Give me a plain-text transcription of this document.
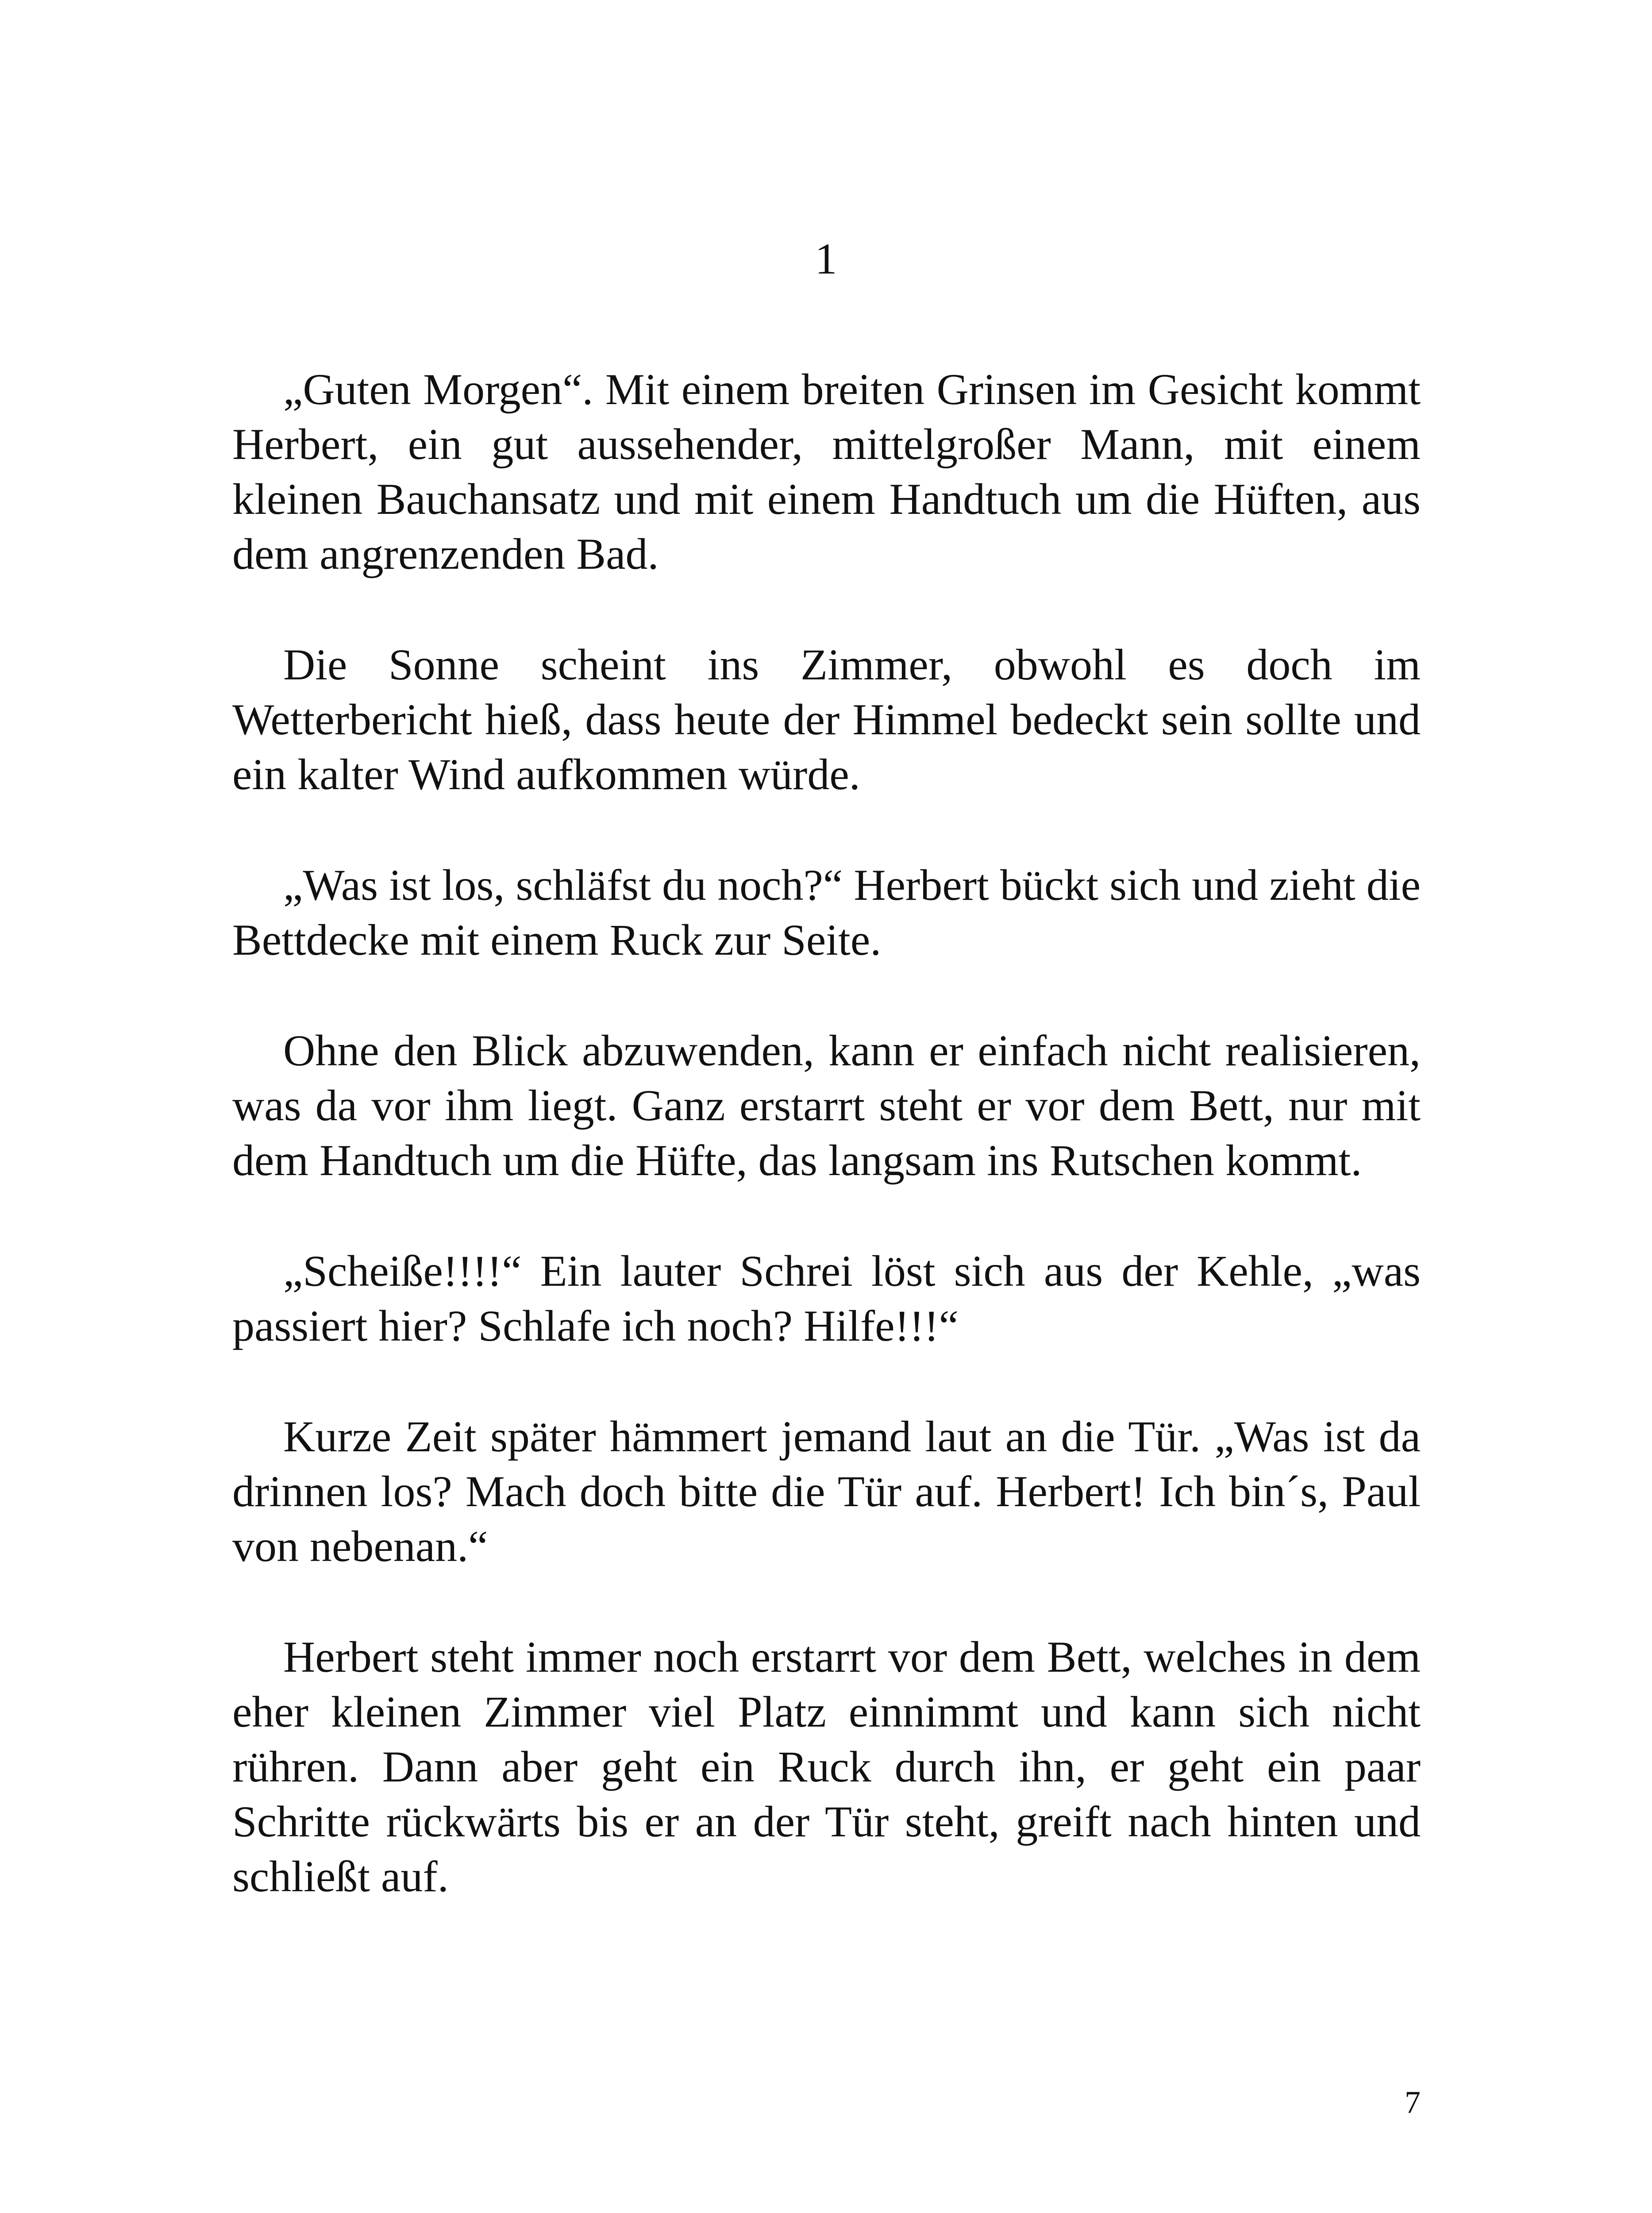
1

„Guten Morgen“. Mit einem breiten Grinsen im Gesicht kommt Herbert, ein gut aussehender, mittelgroßer Mann, mit einem kleinen Bauchansatz und mit einem Handtuch um die Hüften, aus dem angrenzenden Bad.

Die Sonne scheint ins Zimmer, obwohl es doch im Wetterbericht hieß, dass heute der Himmel bedeckt sein sollte und ein kalter Wind aufkommen würde.

„Was ist los, schläfst du noch?“ Herbert bückt sich und zieht die Bettdecke mit einem Ruck zur Seite.

Ohne den Blick abzuwenden, kann er einfach nicht realisieren, was da vor ihm liegt. Ganz erstarrt steht er vor dem Bett, nur mit dem Handtuch um die Hüfte, das langsam ins Rutschen kommt.

„Scheiße!!!!“ Ein lauter Schrei löst sich aus der Kehle, „was passiert hier? Schlafe ich noch? Hilfe!!!“

Kurze Zeit später hämmert jemand laut an die Tür. „Was ist da drinnen los? Mach doch bitte die Tür auf. Herbert! Ich bin´s, Paul von nebenan.“

Herbert steht immer noch erstarrt vor dem Bett, welches in dem eher kleinen Zimmer viel Platz einnimmt und kann sich nicht rühren. Dann aber geht ein Ruck durch ihn, er geht ein paar Schritte rückwärts bis er an der Tür steht, greift nach hinten und schließt auf.

7
